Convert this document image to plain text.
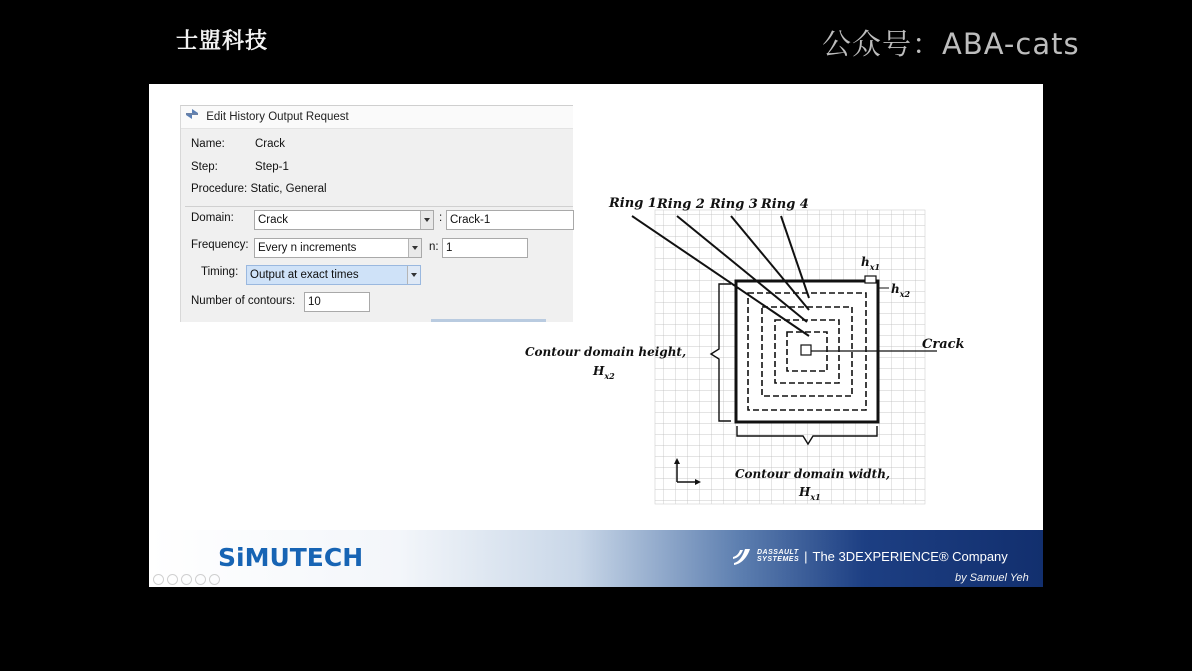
士盟科技	公众号：ABA-cats
Edit History Output Request
Name:	Crack
Step:	Step-1
Procedure: Static, General
Domain:	Crack	: Crack-1
Frequency: Every n increments	n: 1
Timing:	Output at exact times
Number of contours:	10
Ring 1 Ring 2 Ring 3 Ring 4
$h_{x1}$
$h_{x2}$
Crack
Contour domain height,
$H_{x2}$
Contour domain width,
$H_{x1}$
SiMUTECH	DASSAULT
SYSTEMES | The 3DEXPERIENCE® Company
by Samuel Yeh
